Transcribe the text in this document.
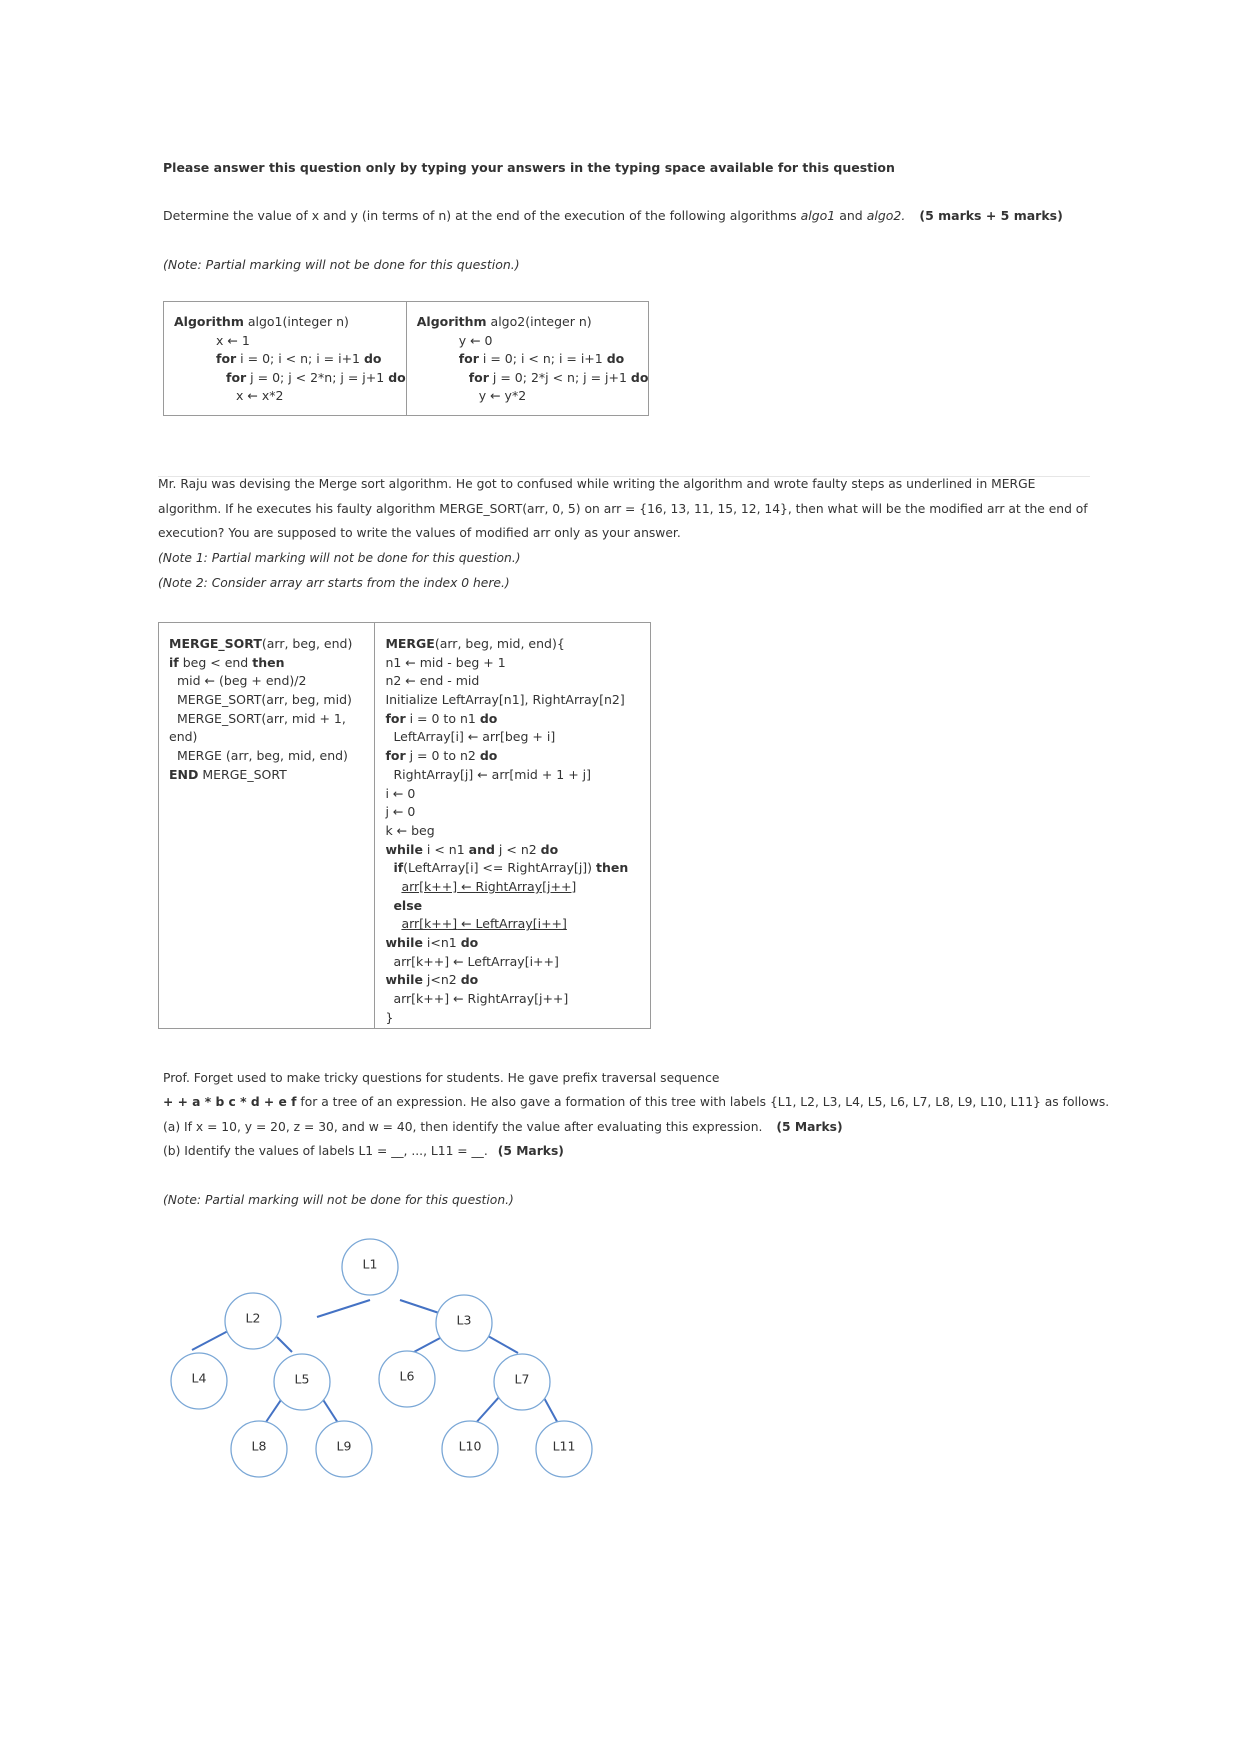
Please answer this question only by typing your answers in the typing space available for this question
Determine the value of x and y (in terms of n) at the end of the execution of the following algorithms algo1 and algo2. (5 marks + 5 marks)
(Note: Partial marking will not be done for this question.)
Algorithm algo1(integer n)
x ← 1
for i = 0; i < n; i = i+1 do
for j = 0; j < 2*n; j = j+1 do
x ← x*2

Algorithm algo2(integer n)
y ← 0
for i = 0; i < n; i = i+1 do
for j = 0; 2*j < n; j = j+1 do
y ← y*2
Mr. Raju was devising the Merge sort algorithm. He got to confused while writing the algorithm and wrote faulty steps as underlined in MERGE
algorithm. If he executes his faulty algorithm MERGE_SORT(arr, 0, 5) on arr = {16, 13, 11, 15, 12, 14}, then what will be the modified arr at the end of
execution? You are supposed to write the values of modified arr only as your answer.
(Note 1: Partial marking will not be done for this question.)
(Note 2: Consider array arr starts from the index 0 here.)
MERGE_SORT(arr, beg, end)
if beg < end then
mid ← (beg + end)/2
MERGE_SORT(arr, beg, mid)
MERGE_SORT(arr, mid + 1,
end)
MERGE (arr, beg, mid, end)
END MERGE_SORT

MERGE(arr, beg, mid, end){
n1 ← mid - beg + 1
n2 ← end - mid
Initialize LeftArray[n1], RightArray[n2]
for i = 0 to n1 do
LeftArray[i] ← arr[beg + i]
for j = 0 to n2 do
RightArray[j] ← arr[mid + 1 + j]
i ← 0
j ← 0
k ← beg
while i < n1 and j < n2 do
if(LeftArray[i] <= RightArray[j]) then
arr[k++] ← RightArray[j++]
else
arr[k++] ← LeftArray[i++]
while i<n1 do
arr[k++] ← LeftArray[i++]
while j<n2 do
arr[k++] ← RightArray[j++]
}
Prof. Forget used to make tricky questions for students. He gave prefix traversal sequence
+ + a * b c * d + e f for a tree of an expression. He also gave a formation of this tree with labels {L1, L2, L3, L4, L5, L6, L7, L8, L9, L10, L11} as follows.
(a) If x = 10, y = 20, z = 30, and w = 40, then identify the value after evaluating this expression. (5 Marks)
(b) Identify the values of labels L1 = __, ..., L11 = __. (5 Marks)
(Note: Partial marking will not be done for this question.)
L1
L2	L3
L4	L5	L6	L7
L8	L9	L10	L11
